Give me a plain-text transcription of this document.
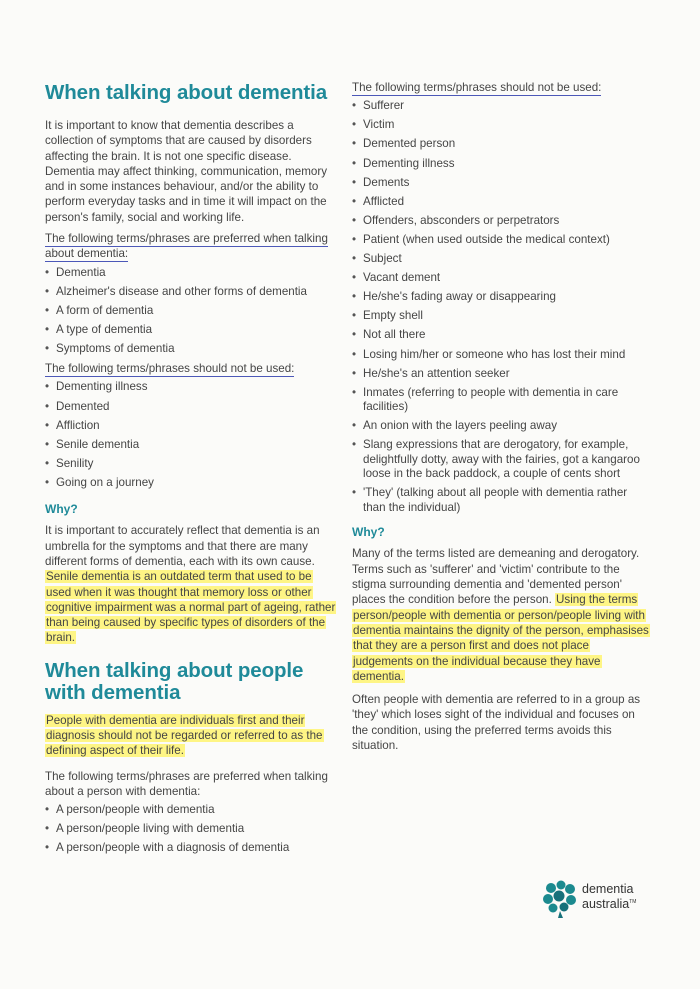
When talking about dementia

It is important to know that dementia describes a collection of symptoms that are caused by disorders affecting the brain. It is not one specific disease. Dementia may affect thinking, communication, memory and in some instances behaviour, and/or the ability to perform everyday tasks and in time it will impact on the person's family, social and working life.

The following terms/phrases are preferred when talking about dementia:

• Dementia
• Alzheimer's disease and other forms of dementia
• A form of dementia
• A type of dementia
• Symptoms of dementia

The following terms/phrases should not be used:

• Dementing illness
• Demented
• Affliction
• Senile dementia
• Senility
• Going on a journey
Why?

It is important to accurately reflect that dementia is an umbrella for the symptoms and that there are many different forms of dementia, each with its own cause. Senile dementia is an outdated term that used to be used when it was thought that memory loss or other cognitive impairment was a normal part of ageing, rather than being caused by specific types of disorders of the brain.

When talking about people with dementia

People with dementia are individuals first and their diagnosis should not be regarded or referred to as the defining aspect of their life.

The following terms/phrases are preferred when talking about a person with dementia:

• A person/people with dementia
• A person/people living with dementia
• A person/people with a diagnosis of dementia

The following terms/phrases should not be used:

• Sufferer
• Victim
• Demented person
• Dementing illness
• Dements
• Afflicted
• Offenders, absconders or perpetrators
• Patient (when used outside the medical context)
• Subject
• Vacant dement
• He/she's fading away or disappearing
• Empty shell
• Not all there
• Losing him/her or someone who has lost their mind
• He/she's an attention seeker
• Inmates (referring to people with dementia in care facilities)
• An onion with the layers peeling away
• Slang expressions that are derogatory, for example, delightfully dotty, away with the fairies, got a kangaroo loose in the back paddock, a couple of cents short
• 'They' (talking about all people with dementia rather than the individual)
Why?

Many of the terms listed are demeaning and derogatory. Terms such as 'sufferer' and 'victim' contribute to the stigma surrounding dementia and 'demented person' places the condition before the person. Using the terms person/people with dementia or person/people living with dementia maintains the dignity of the person, emphasises that they are a person first and does not place judgements on the individual because they have dementia.

Often people with dementia are referred to in a group as 'they' which loses sight of the individual and focuses on the condition, using the preferred terms avoids this situation.

dementia
australia™
